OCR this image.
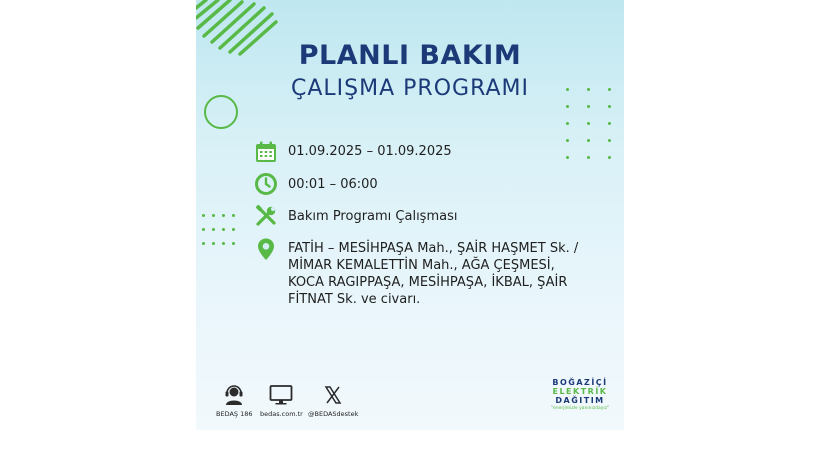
PLANLI BAKIM
ÇALIŞMA PROGRAMI
01.09.2025 – 01.09.2025
00:01 – 06:00
Bakım Programı Çalışması
FATİH – MESİHPAŞA Mah., ŞAİR HAŞMET Sk. /
MİMAR KEMALETTİN Mah., AĞA ÇEŞMESİ,
KOCA RAGIPPAŞA, MESİHPAŞA, İKBAL, ŞAİR
FİTNAT Sk. ve civarı.
BEDAŞ 186 bedas.com.tr @BEDASdestek
BOĞAZİÇİ
ELEKTRİK
DAĞITIM
"enerjimizle yanınızdayız"
